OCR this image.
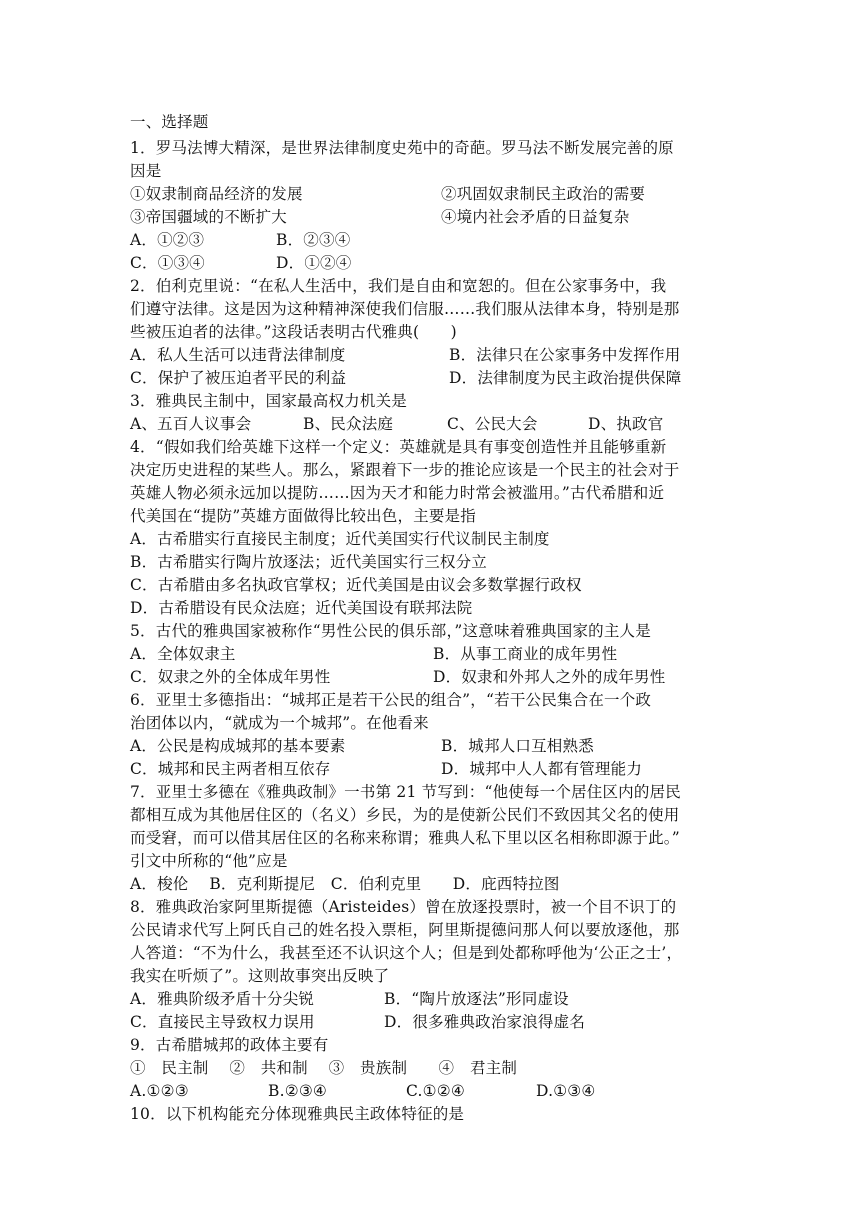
一、选择题
1．罗马法博大精深，是世界法律制度史苑中的奇葩。罗马法不断发展完善的原
因是
①奴隶制商品经济的发展	②巩固奴隶制民主政治的需要
③帝国疆域的不断扩大	④境内社会矛盾的日益复杂
A．①②③	B．②③④
C．①③④	D．①②④
2．伯利克里说：“在私人生活中，我们是自由和宽恕的。但在公家事务中，我
们遵守法律。这是因为这种精神深使我们信服……我们服从法律本身，特别是那
些被压迫者的法律。”这段话表明古代雅典(　　)
A．私人生活可以违背法律制度	B．法律只在公家事务中发挥作用
C．保护了被压迫者平民的利益	D．法律制度为民主政治提供保障
3．雅典民主制中，国家最高权力机关是
A、五百人议事会	B、民众法庭	C、公民大会	D、执政官
4．“假如我们给英雄下这样一个定义：英雄就是具有事变创造性并且能够重新
决定历史进程的某些人。那么，紧跟着下一步的推论应该是一个民主的社会对于
英雄人物必须永远加以提防……因为天才和能力时常会被滥用。”古代希腊和近
代美国在“提防”英雄方面做得比较出色，主要是指
A．古希腊实行直接民主制度；近代美国实行代议制民主制度
B．古希腊实行陶片放逐法；近代美国实行三权分立
C．古希腊由多名执政官掌权；近代美国是由议会多数掌握行政权
D．古希腊设有民众法庭；近代美国设有联邦法院
5．古代的雅典国家被称作“男性公民的俱乐部，”这意味着雅典国家的主人是
A．全体奴隶主	B．从事工商业的成年男性
C．奴隶之外的全体成年男性	D．奴隶和外邦人之外的成年男性
6．亚里士多德指出：“城邦正是若干公民的组合”，“若干公民集合在一个政
治团体以内，“就成为一个城邦”。在他看来
A．公民是构成城邦的基本要素	B．城邦人口互相熟悉
C．城邦和民主两者相互依存	D．城邦中人人都有管理能力
7．亚里士多德在《雅典政制》一书第 21 节写到：“他使每一个居住区内的居民
都相互成为其他居住区的（名义）乡民，为的是使新公民们不致因其父名的使用
而受窘，而可以借其居住区的名称来称谓；雅典人私下里以区名相称即源于此。”
引文中所称的“他”应是
A．梭伦　 B．克利斯提尼　C．伯利克里　　D．庇西特拉图
8．雅典政治家阿里斯提德（Aristeides）曾在放逐投票时，被一个目不识丁的
公民请求代写上阿氏自己的姓名投入票柜，阿里斯提德问那人何以要放逐他，那
人答道：“不为什么，我甚至还不认识这个人；但是到处都称呼他为‘公正之士’，
我实在听烦了”。这则故事突出反映了
A．雅典阶级矛盾十分尖锐	B．“陶片放逐法”形同虚设
C．直接民主导致权力误用	D．很多雅典政治家浪得虚名
9．古希腊城邦的政体主要有
①　民主制　 ②　共和制　 ③　贵族制　　④　君主制
A.①②③	B.②③④	C.①②④	D.①③④
10．以下机构能充分体现雅典民主政体特征的是
